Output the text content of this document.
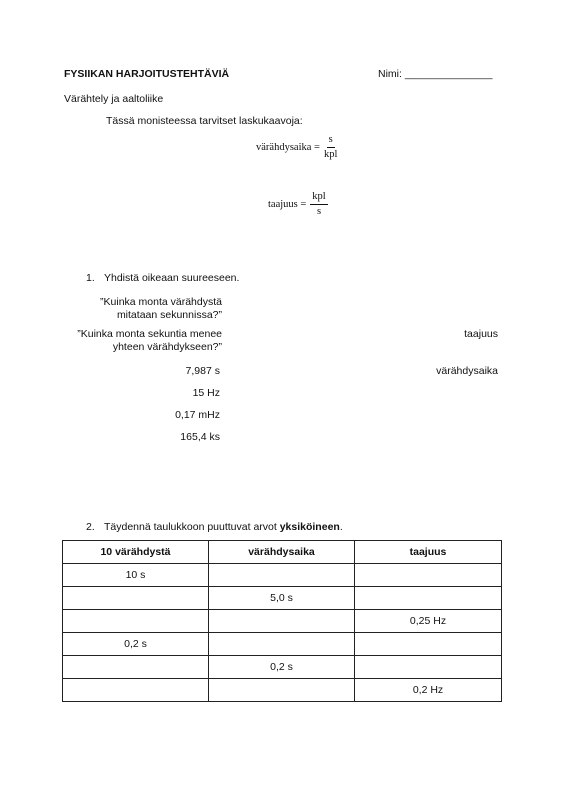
FYSIIKAN HARJOITUSTEHTÄVIÄ	Nimi: _______________
Värähtely ja aaltoliike
Tässä monisteessa tarvitset laskukaavoja:
värähdysaika = $\frac{s}{\text{kpl}}$
taajuus = $\frac{\text{kpl}}{s}$
1. Yhdistä oikeaan suureeseen.
”Kuinka monta värähdystä
mitataan sekunnissa?”
”Kuinka monta sekuntia menee
yhteen värähdykseen?”
7,987 s
15 Hz
0,17 mHz
165,4 ks
taajuus
värähdysaika
2. Täydennä taulukkoon puuttuvat arvot yksiköineen.
10 värähdystä	värähdysaika	taajuus
10 s		
	5,0 s	
		0,25 Hz
0,2 s		
	0,2 s	
		0,2 Hz
